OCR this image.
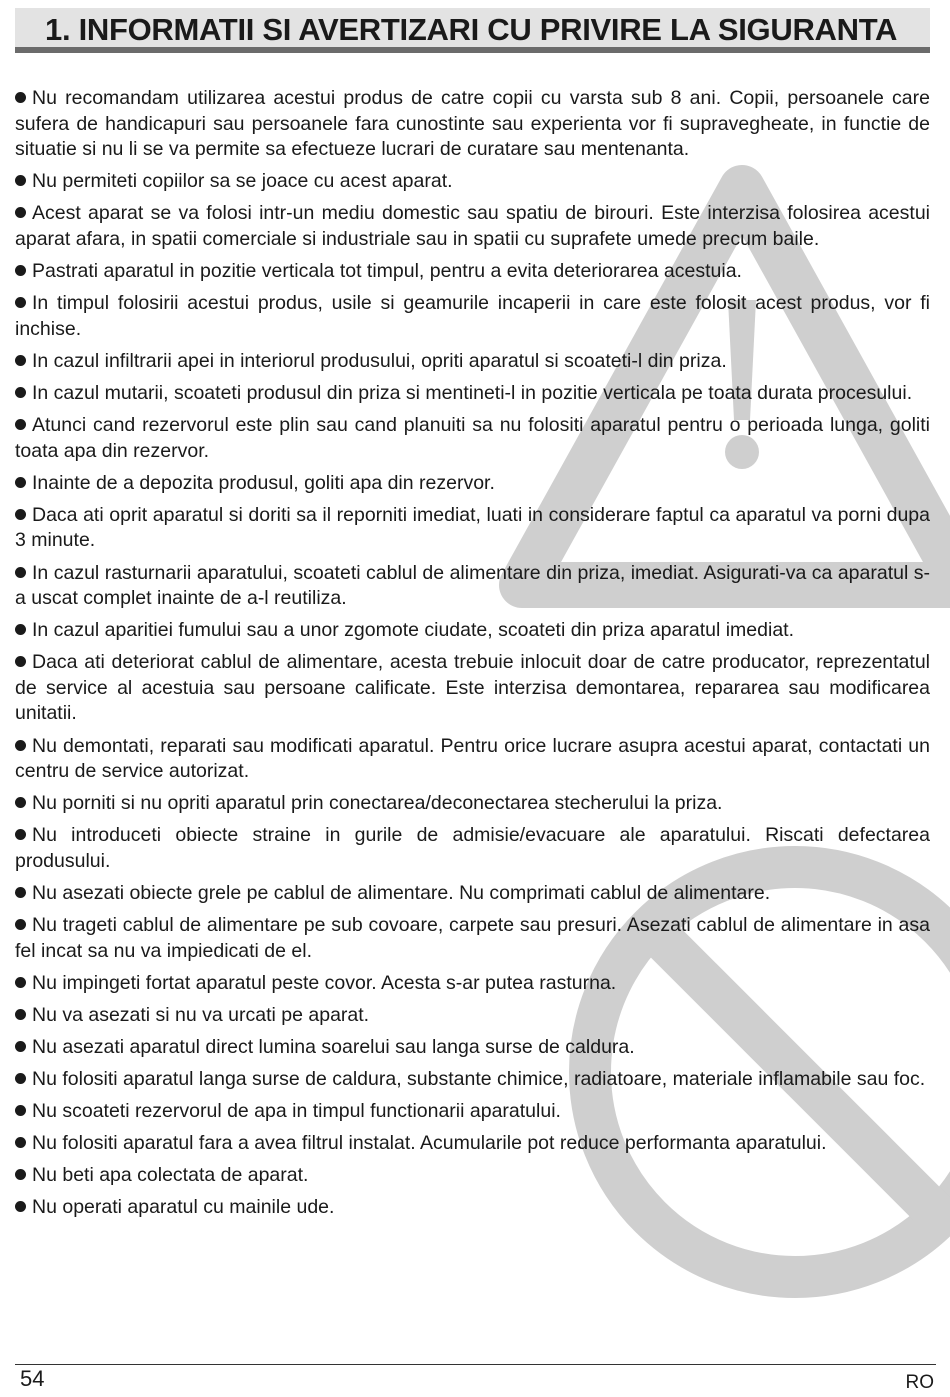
1. INFORMATII SI AVERTIZARI CU PRIVIRE LA SIGURANTA
Nu recomandam utilizarea acestui produs de catre copii cu varsta sub 8 ani. Copii, persoanele care sufera de handicapuri sau persoanele fara cunostinte sau experienta vor fi supravegheate, in functie de situatie si nu li se va permite sa efectueze lucrari de curatare sau mentenanta.
Nu permiteti copiilor sa se joace cu acest aparat.
Acest aparat se va folosi intr-un mediu domestic sau spatiu de birouri. Este interzisa folosirea acestui aparat afara, in spatii comerciale si industriale sau in spatii cu suprafete umede precum baile.
Pastrati aparatul in pozitie verticala tot timpul, pentru a evita deteriorarea acestuia.
In timpul folosirii acestui produs, usile si geamurile incaperii in care este folosit acest produs, vor fi inchise.
In cazul infiltrarii apei in interiorul produsului, opriti aparatul si scoateti-l din priza.
In cazul mutarii, scoateti produsul din priza si mentineti-l in pozitie verticala pe toata durata procesului.
Atunci cand rezervorul este plin sau cand planuiti sa nu folositi aparatul pentru o perioada lunga, goliti toata apa din rezervor.
Inainte de a depozita produsul, goliti apa din rezervor.
Daca ati oprit aparatul si doriti sa il reporniti imediat, luati in considerare faptul ca aparatul va porni dupa 3 minute.
In cazul rasturnarii aparatului, scoateti cablul de alimentare din priza, imediat. Asigurati-va ca aparatul s-a uscat complet inainte de a-l reutiliza.
In cazul aparitiei fumului sau a unor zgomote ciudate, scoateti din priza aparatul imediat.
Daca ati deteriorat cablul de alimentare, acesta trebuie inlocuit doar de catre producator, reprezentatul de service al acestuia sau persoane calificate. Este interzisa demontarea, repararea sau modificarea unitatii.
Nu demontati, reparati sau modificati aparatul. Pentru orice lucrare asupra acestui aparat, contactati un centru de service autorizat.
Nu porniti si nu opriti aparatul prin conectarea/deconectarea stecherului la priza.
Nu introduceti obiecte straine in gurile de admisie/evacuare ale aparatului. Riscati defectarea produsului.
Nu asezati obiecte grele pe cablul de alimentare. Nu comprimati cablul de alimentare.
Nu trageti cablul de alimentare pe sub covoare, carpete sau presuri. Asezati cablul de alimentare in asa fel incat sa nu va impiedicati de el.
Nu impingeti fortat aparatul peste covor. Acesta s-ar putea rasturna.
Nu va asezati si nu va urcati pe aparat.
Nu asezati aparatul direct lumina soarelui sau langa surse de caldura.
Nu folositi aparatul langa surse de caldura, substante chimice, radiatoare, materiale inflamabile sau foc.
Nu scoateti rezervorul de apa in timpul functionarii aparatului.
Nu folositi aparatul fara a avea filtrul instalat. Acumularile pot reduce performanta aparatului.
Nu beti apa colectata de aparat.
Nu operati aparatul cu mainile ude.
54	RO
